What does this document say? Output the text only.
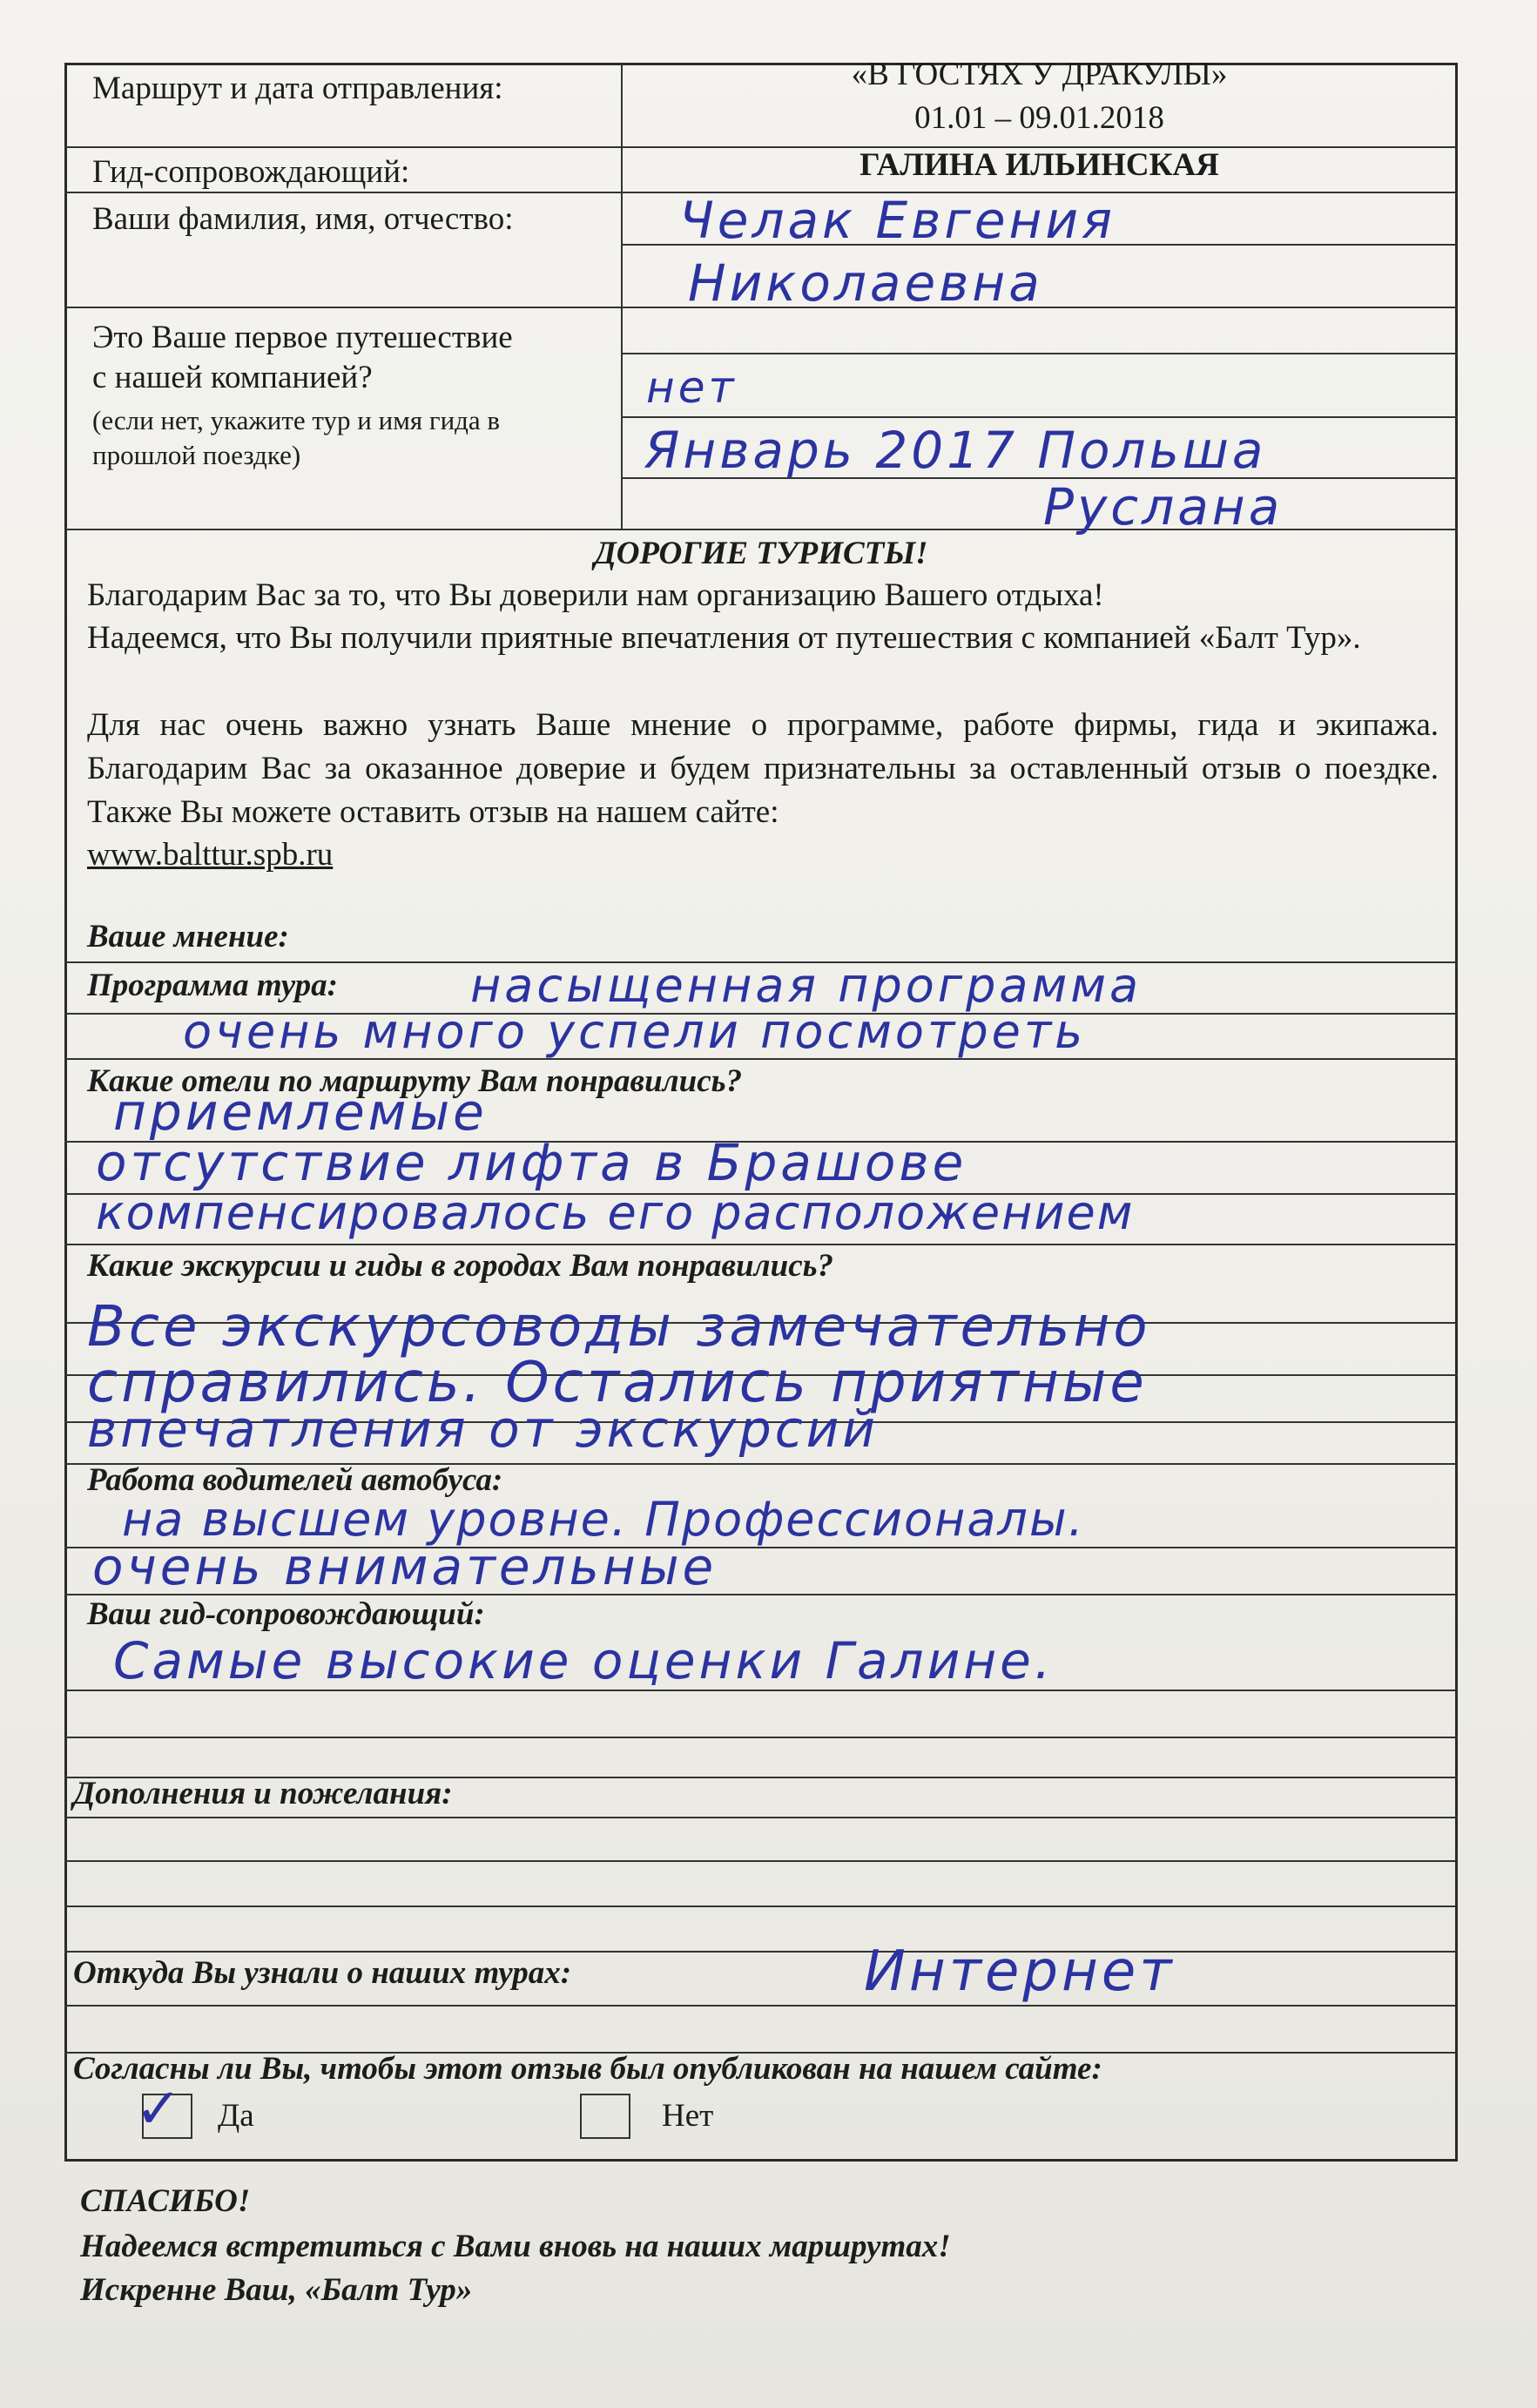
Маршрут и дата отправления:	«В ГОСТЯХ У ДРАКУЛЫ»
01.01 – 09.01.2018
Гид-сопровождающий:	ГАЛИНА ИЛЬИНСКАЯ
Ваши фамилия, имя, отчество:	Челак Евгения
Николаевна
Это Ваше первое путешествие
с нашей компанией?
(если нет, укажите тур и имя гида в
прошлой поездке)
нет
Январь 2017 Польша
Руслана
ДОРОГИЕ ТУРИСТЫ!
Благодарим Вас за то, что Вы доверили нам организацию Вашего отдыха!
Надеемся, что Вы получили приятные впечатления от путешествия с компанией «Балт Тур».
Для нас очень важно узнать Ваше мнение о программе, работе фирмы, гида и экипажа. Благодарим Вас за оказанное доверие и будем признательны за оставленный отзыв о поездке. Также Вы можете оставить отзыв на нашем сайте:
www.balttur.spb.ru
Ваше мнение:
Программа тура:	насыщенная программа
очень много успели посмотреть
Какие отели по маршруту Вам понравились?
приемлемые
отсутствие лифта в Брашове
компенсировалось его расположением
Какие экскурсии и гиды в городах Вам понравились?
Все экскурсоводы замечательно
справились. Остались приятные
впечатления от экскурсий
Работа водителей автобуса:
на высшем уровне. Профессионалы.
очень внимательные
Ваш гид-сопровождающий:
Самые высокие оценки Галине.
Дополнения и пожелания:
Откуда Вы узнали о наших турах:	Интернет
Согласны ли Вы, чтобы этот отзыв был опубликован на нашем сайте:
✓ Да	Нет
СПАСИБО!
Надеемся встретиться с Вами вновь на наших маршрутах!
Искренне Ваш, «Балт Тур»
